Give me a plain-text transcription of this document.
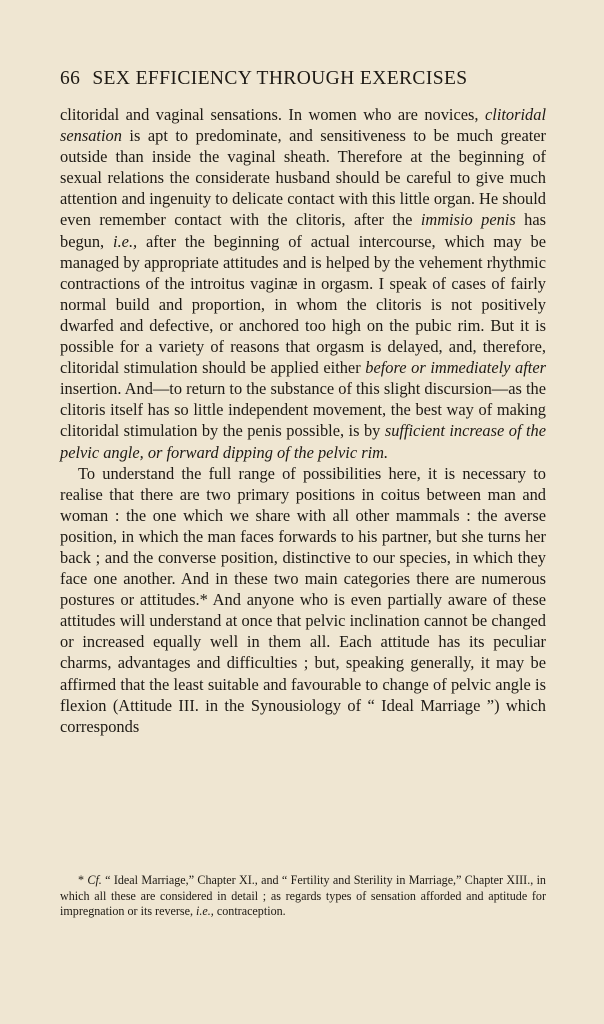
66 SEX EFFICIENCY THROUGH EXERCISES

clitoridal and vaginal sensations. In women who are novices, clitoridal sensation is apt to predominate, and sensitiveness to be much greater outside than inside the vaginal sheath. Therefore at the beginning of sexual relations the considerate husband should be careful to give much attention and ingenuity to delicate contact with this little organ. He should even remember contact with the clitoris, after the immisio penis has begun, i.e., after the beginning of actual intercourse, which may be managed by appropriate attitudes and is helped by the vehement rhythmic contractions of the introitus vaginæ in orgasm. I speak of cases of fairly normal build and proportion, in whom the clitoris is not positively dwarfed and defective, or anchored too high on the pubic rim. But it is possible for a variety of reasons that orgasm is delayed, and, therefore, clitoridal stimulation should be applied either before or immediately after insertion. And—to return to the substance of this slight discursion—as the clitoris itself has so little independent movement, the best way of making clitoridal stimulation by the penis possible, is by sufficient increase of the pelvic angle, or forward dipping of the pelvic rim.

To understand the full range of possibilities here, it is necessary to realise that there are two primary positions in coitus between man and woman : the one which we share with all other mammals : the averse position, in which the man faces forwards to his partner, but she turns her back ; and the converse position, distinctive to our species, in which they face one another. And in these two main categories there are numerous postures or attitudes.* And anyone who is even partially aware of these attitudes will understand at once that pelvic inclination cannot be changed or increased equally well in them all. Each attitude has its peculiar charms, advantages and difficulties ; but, speaking generally, it may be affirmed that the least suitable and favourable to change of pelvic angle is flexion (Attitude III. in the Synousiology of “ Ideal Marriage ”) which corresponds

* Cf. “ Ideal Marriage,” Chapter XI., and “ Fertility and Sterility in Marriage,” Chapter XIII., in which all these are considered in detail ; as regards types of sensation afforded and aptitude for impregnation or its reverse, i.e., contraception.
